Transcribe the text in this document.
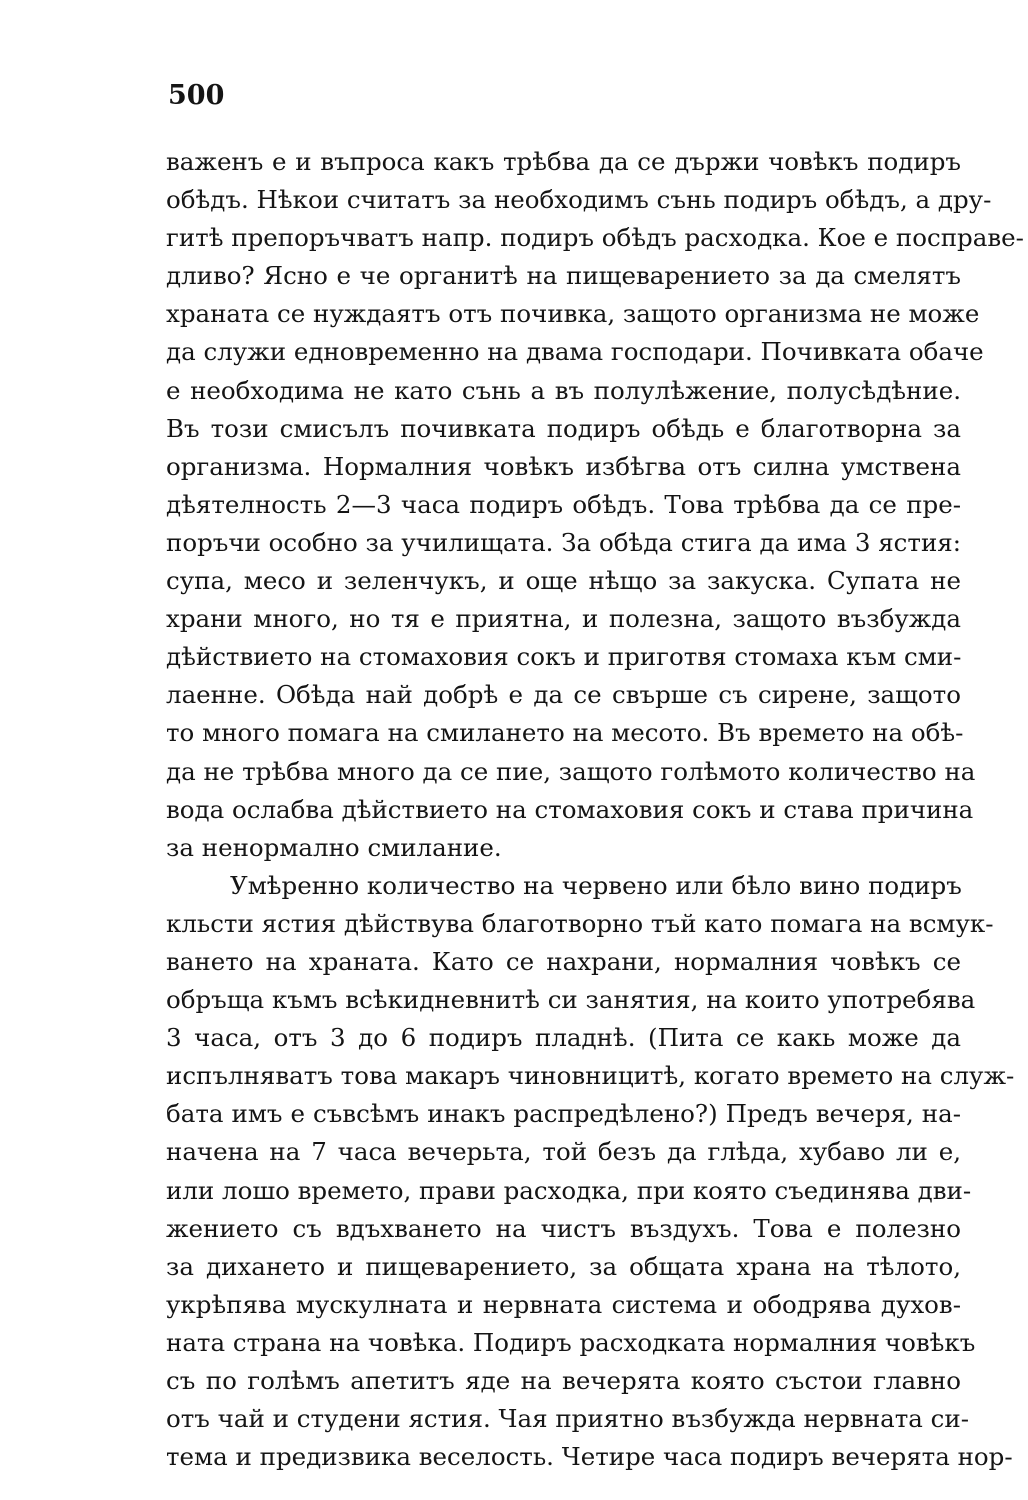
500
важенъ е и въпроса какъ трѣбва да се държи човѣкъ подиръ
обѣдъ. Нѣкои считатъ за необходимъ сънь подиръ обѣдъ, а дру-
гитѣ препоръчватъ напр. подиръ обѣдъ расходка. Кое е посправе-
дливо? Ясно е че органитѣ на пищеварението за да смелятъ
храната се нуждаятъ отъ почивка, защото организма не може
да служи едновременно на двама господари. Почивката обаче
е необходима не като сънь а въ полулѣжение, полусѣдѣние.
Въ този смисълъ почивката подиръ обѣдь е благотворна за
организма. Нормалния човѣкъ избѣгва отъ силна умствена
дѣятелность 2—3 часа подиръ обѣдъ. Това трѣбва да се пре-
поръчи особно за училищата. За обѣда стига да има 3 ястия:
супа, месо и зеленчукъ, и още нѣщо за закуска. Супата не
храни много, но тя е приятна, и полезна, защото възбужда
дѣйствието на стомаховия сокъ и приготвя стомаха към сми-
лаенне. Обѣда най добрѣ е да се свърше съ сирене, защото
то много помага на смилането на месото. Въ времето на обѣ-
да не трѣбва много да се пие, защото голѣмото количество на
вода ослабва дѣйствието на стомаховия сокъ и става причина
за ненормално смилание.
Умѣренно количество на червено или бѣло вино подиръ
кльсти ястия дѣйствува благотворно тъй като помага на всмук-
ването на храната. Като се нахрани, нормалния човѣкъ се
обръща къмъ всѣкидневнитѣ си занятия, на които употребява
3 часа, отъ 3 до 6 подиръ пладнѣ. (Пита се какь може да
испълняватъ това макаръ чиновницитѣ, когато времето на служ-
бата имъ е съвсѣмъ инакъ распредѣлено?) Предъ вечеря, на-
начена на 7 часа вечерьта, той безъ да глѣда, хубаво ли е,
или лошо времето, прави расходка, при която съединява дви-
жението съ вдъхването на чистъ въздухъ. Това е полезно
за дихането и пищеварението, за общата храна на тѣлото,
укрѣпява мускулната и нервната система и ободрява духов-
ната страна на човѣка. Подиръ расходката нормалния човѣкъ
съ по голѣмъ апетитъ яде на вечерята която състои главно
отъ чай и студени ястия. Чая приятно възбужда нервната си-
тема и предизвика веселость. Четире часа подиръ вечерята нор-
